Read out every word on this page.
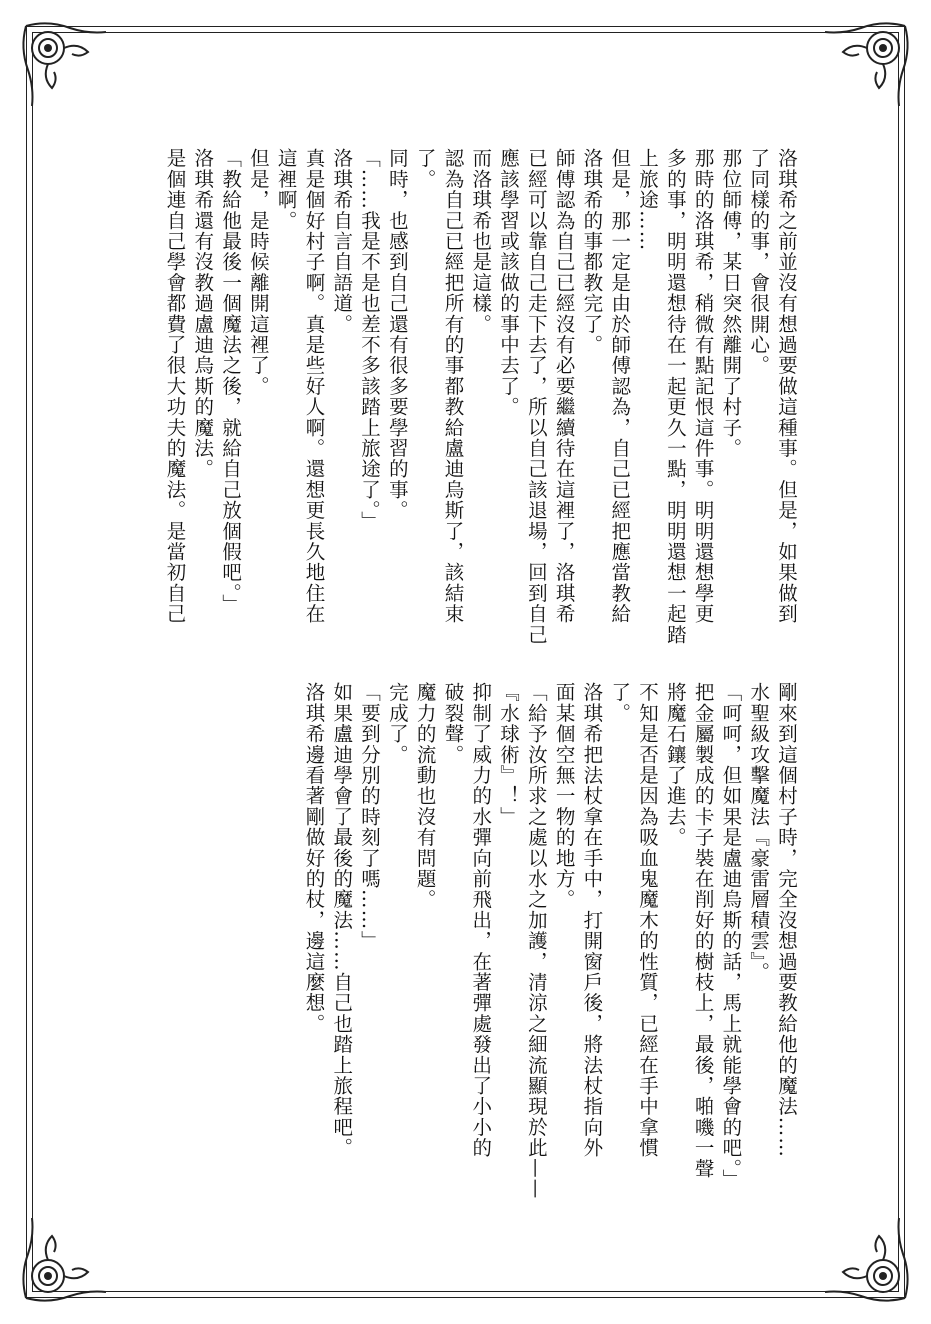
洛琪希之前並沒有想過要做這種事。但是，如果做到

了同樣的事，會很開心。

那位師傅，某日突然離開了村子。

那時的洛琪希，稍微有點記恨這件事。明明還想學更

多的事，明明還想待在一起更久一點，明明還想一起踏

上旅途……

但是，那一定是由於師傅認為，自己已經把應當教給

洛琪希的事都教完了。

師傅認為自己已經沒有必要繼續待在這裡了，洛琪希

已經可以靠自己走下去了，所以自己該退場，回到自己

應該學習或該做的事中去了。

而洛琪希也是這樣。

認為自己已經把所有的事都教給盧迪烏斯了，該結束

了。

同時，也感到自己還有很多要學習的事。

「……我是不是也差不多該踏上旅途了。」

洛琪希自言自語道。

真是個好村子啊。真是些好人啊。還想更長久地住在

這裡啊。

但是，是時候離開這裡了。

「教給他最後一個魔法之後，就給自己放個假吧。」

洛琪希還有沒教過盧迪烏斯的魔法。

是個連自己學會都費了很大功夫的魔法。是當初自己

剛來到這個村子時，完全沒想過要教給他的魔法……

水聖級攻擊魔法『豪雷層積雲』。

「呵呵，但如果是盧迪烏斯的話，馬上就能學會的吧。」

把金屬製成的卡子裝在削好的樹枝上，最後，啪嘰一聲

將魔石鑲了進去。

不知是否是因為吸血鬼魔木的性質，已經在手中拿慣

了。

洛琪希把法杖拿在手中，打開窗戶後，將法杖指向外

面某個空無一物的地方。

「給予汝所求之處以水之加護，清涼之細流顯現於此——

『水球術』！」

抑制了威力的水彈向前飛出，在著彈處發出了小小的

破裂聲。

魔力的流動也沒有問題。

完成了。

「要到分別的時刻了嗎……」

如果盧迪學會了最後的魔法……自己也踏上旅程吧。

洛琪希邊看著剛做好的杖，邊這麼想。
